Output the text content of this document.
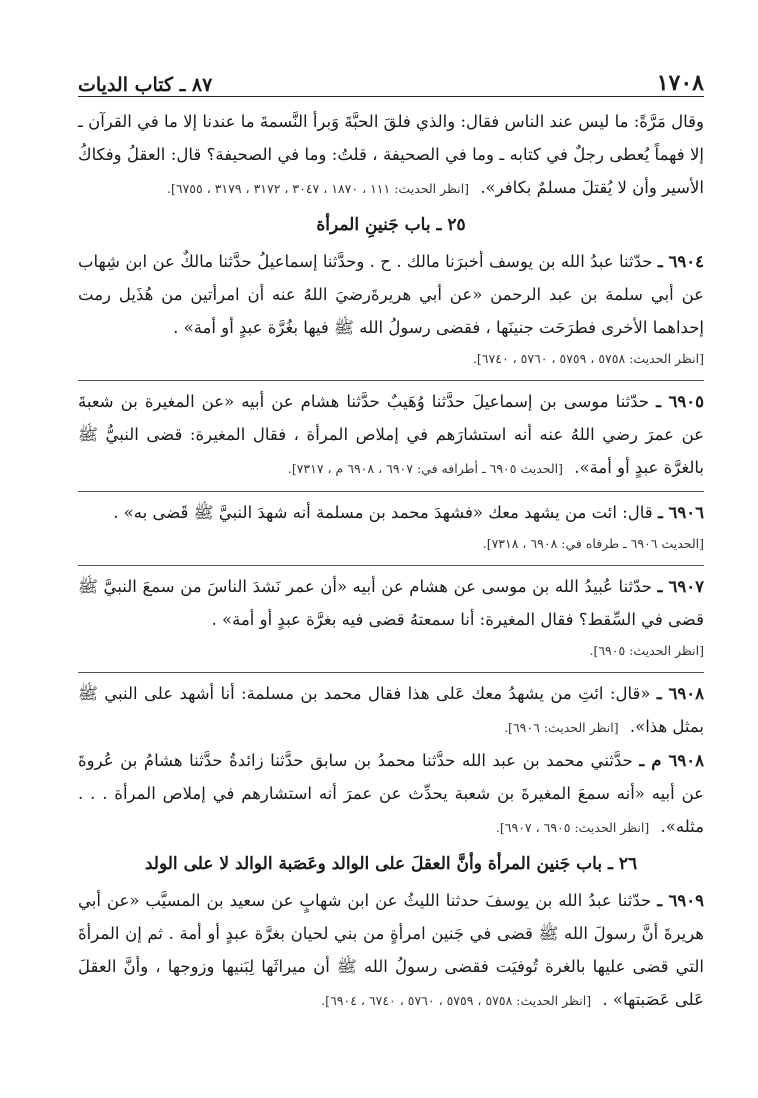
١٧٠٨
٨٧ ـ كتاب الديات

وقال مَرَّةً: ما ليس عند الناس فقال: والذي فلقَ الحبَّةَ وَبرأ النَّسمةَ ما عندنا إلا ما في القرآن ـ إلا فهماً يُعطى رجلٌ في كتابه ـ وما في الصحيفة ، قلتُ: وما في الصحيفة؟ قال: العقلُ وفكاكُ الأسير وأن لا يُقتلَ مسلمٌ بكافر». [انظر الحديث: ١١١ ، ١٨٧٠ ، ٣٠٤٧ ، ٣١٧٢ ، ٣١٧٩ ، ٦٧٥٥].

٢٥ ـ باب جَنينِ المرأة

٦٩٠٤ ـ حدّثنا عبدُ الله بن يوسف أخبرَنا مالك . ح . وحدَّثنا إسماعيلُ حدَّثنا مالكٌ عن ابن شِهاب عن أبي سلمة بن عبد الرحمن «عن أبي هريرةَرضيَ اللهُ عنه أن امرأتين من هُذَيل رمت إحداهما الأخرى فطرَحَت جنينَها ، فقضى رسولُ الله ﷺ فيها بغُرَّة عبدٍ أو أمة» .

[انظر الحديث: ٥٧٥٨ ، ٥٧٥٩ ، ٥٧٦٠ ، ٦٧٤٠].

٦٩٠٥ ـ حدّثنا موسى بن إسماعيلَ حدَّثنا وُهَيبٌ حدَّثنا هشام عن أبيه «عن المغيرة بن شعبةَ عن عمرَ رضي اللهُ عنه أنه استشارَهم في إملاص المرأة ، فقال المغيرة: قضى النبيُّ ﷺ بالغرَّة عبدٍ أو أمة». [الحديث ٦٩٠٥ ـ أطرافه في: ٦٩٠٧ ، ٦٩٠٨ م ، ٧٣١٧].

٦٩٠٦ ـ قال: ائت من يشهد معك «فشهدَ محمد بن مسلمة أنه شهدَ النبيَّ ﷺ قَضى به» .

[الحديث ٦٩٠٦ ـ طرفاه في: ٦٩٠٨ ، ٧٣١٨].

٦٩٠٧ ـ حدّثنا عُبيدُ الله بن موسى عن هشام عن أبيه «أن عمر نَشدَ الناسَ من سمعَ النبيَّ ﷺ قضى في السِّقط؟ فقال المغيرة: أنا سمعتهُ قضى فيه بغرَّة عبدٍ أو أمة» .

[انظر الحديث: ٦٩٠٥].

٦٩٠٨ ـ «قال: ائتِ من يشهدُ معك عَلى هذا فقال محمد بن مسلمة: أنا أشهد على النبي ﷺ بمثل هذا». [انظر الحديث: ٦٩٠٦].

٦٩٠٨ م ـ حدَّثني محمد بن عبد الله حدَّثنا محمدُ بن سابق حدَّثنا زائدةُ حدَّثنا هشامُ بن عُروةَ عن أبيه «أنه سمعَ المغيرةَ بن شعبة يحدِّث عن عمرَ أنه استشارهم في إملاص المرأة . . . مثله». [انظر الحديث: ٦٩٠٥ ، ٦٩٠٧].

٢٦ ـ باب جَنين المرأة وأنَّ العقلَ على الوالد وعَصَبة الوالد لا على الولد

٦٩٠٩ ـ حدّثنا عبدُ الله بن يوسفَ حدثنا الليثُ عن ابن شهابٍ عن سعيد بن المسيَّب «عن أبي هريرةَ أنَّ رسولَ الله ﷺ قضى في جَنين امرأةٍ من بني لحيان بغرَّة عبدٍ أو أمة . ثم إن المرأةَ التي قضى عليها بالغرة تُوفيَت فقضى رسولُ الله ﷺ أن ميراثَها لِبَنيها وزوجها ، وأنَّ العقلَ عَلى عَصَبتها» . [انظر الحديث: ٥٧٥٨ ، ٥٧٥٩ ، ٥٧٦٠ ، ٦٧٤٠ ، ٦٩٠٤].
